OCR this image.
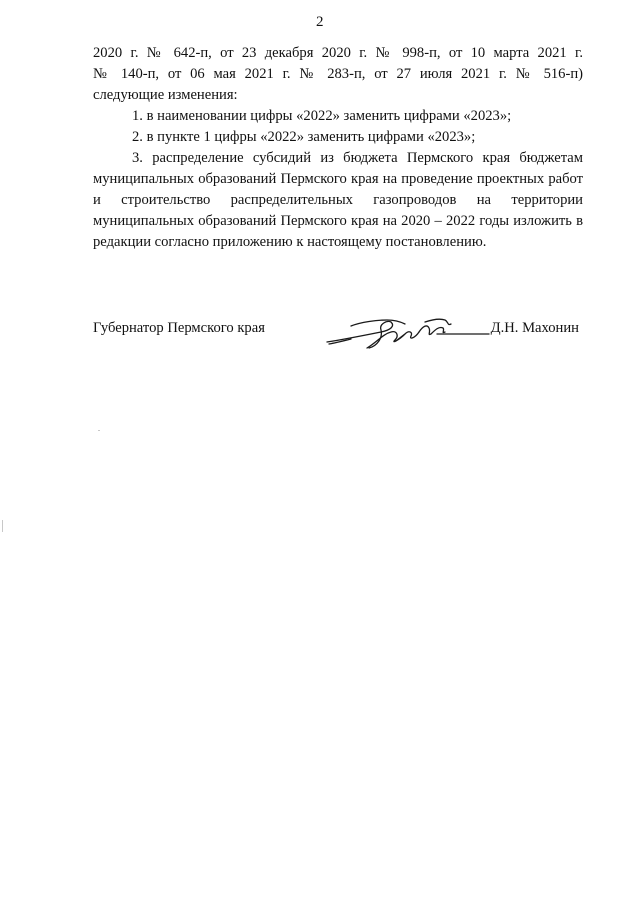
2

2020 г. № 642-п, от 23 декабря 2020 г. № 998-п, от 10 марта 2021 г.

№ 140-п, от 06 мая 2021 г. № 283-п, от 27 июля 2021 г. № 516-п)

следующие изменения:

1. в наименовании цифры «2022» заменить цифрами «2023»;

2. в пункте 1 цифры «2022» заменить цифрами «2023»;

3. распределение субсидий из бюджета Пермского края бюджетам муниципальных образований Пермского края на проведение проектных работ и строительство распределительных газопроводов на территории муниципальных образований Пермского края на 2020 – 2022 годы изложить в редакции согласно приложению к настоящему постановлению.

Губернатор Пермского края	Д.Н. Махонин
